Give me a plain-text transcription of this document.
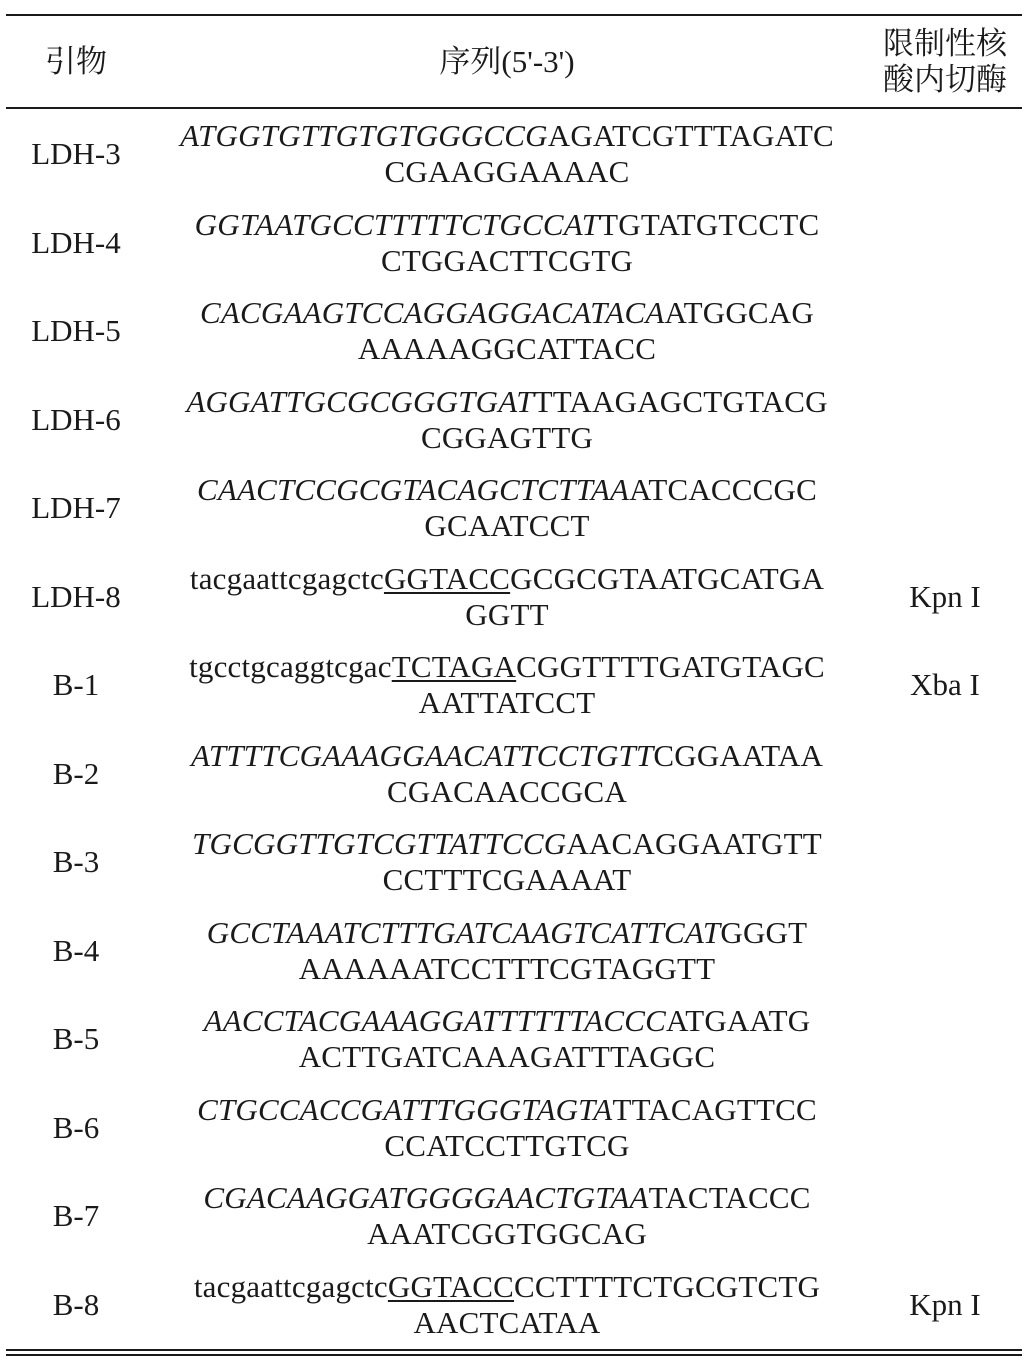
引物	序列(5'-3')
限制性核
酸内切酶
LDH-3
ATGGTGTTGTGTGGGCCGAGATCGTTTAGATC
CGAAGGAAAAC
LDH-4
GGTAATGCCTTTTTCTGCCATTGTATGTCCTC
CTGGACTTCGTG
LDH-5
CACGAAGTCCAGGAGGACATACAATGGCAG
AAAAAGGCATTACC
LDH-6
AGGATTGCGCGGGTGATTTAAGAGCTGTACG
CGGAGTTG
LDH-7
CAACTCCGCGTACAGCTCTTAAATCACCCGC
GCAATCCT
LDH-8
tacgaattcgagctcGGTACCGCGCGTAATGCATGA
GGTT
Kpn I
B-1
tgcctgcaggtcgacTCTAGACGGTTTTGATGTAGC
AATTATCCT
Xba I
B-2
ATTTTCGAAAGGAACATTCCTGTTCGGAATAA
CGACAACCGCA
B-3
TGCGGTTGTCGTTATTCCGAACAGGAATGTT
CCTTTCGAAAAT
B-4
GCCTAAATCTTTGATCAAGTCATTCATGGGT
AAAAAATCCTTTCGTAGGTT
B-5
AACCTACGAAAGGATTTTTTACCCATGAATG
ACTTGATCAAAGATTTAGGC
B-6
CTGCCACCGATTTGGGTAGTATTACAGTTCC
CCATCCTTGTCG
B-7
CGACAAGGATGGGGAACTGTAATACTACCC
AAATCGGTGGCAG
B-8
tacgaattcgagctcGGTACCCCTTTTCTGCGTCTG
AACTCATAA
Kpn I
